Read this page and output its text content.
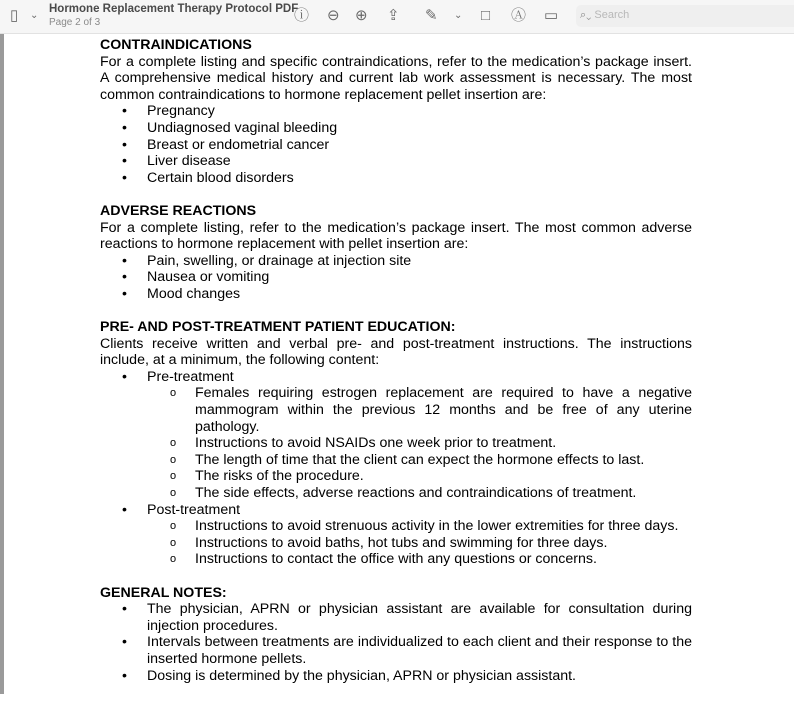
▯ ⌄
Hormone Replacement Therapy Protocol PDF
Page 2 of 3	ⓘ ⊖ ⊕ ⇪ ✎ ⌄ □ Ⓐ ▭	⌕⌄ Search
CONTRAINDICATIONS

For a complete listing and specific contraindications, refer to the medication’s package insert. A comprehensive medical history and current lab work assessment is necessary. The most common contraindications to hormone replacement pellet insertion are:

• Pregnancy
• Undiagnosed vaginal bleeding
• Breast or endometrial cancer
• Liver disease
• Certain blood disorders
ADVERSE REACTIONS

For a complete listing, refer to the medication’s package insert. The most common adverse reactions to hormone replacement with pellet insertion are:

• Pain, swelling, or drainage at injection site
• Nausea or vomiting
• Mood changes
PRE- AND POST-TREATMENT PATIENT EDUCATION:

Clients receive written and verbal pre- and post-treatment instructions. The instructions include, at a minimum, the following content:

• Pre-treatment
o Females requiring estrogen replacement are required to have a negative mammogram within the previous 12 months and be free of any uterine pathology.
o Instructions to avoid NSAIDs one week prior to treatment.
o The length of time that the client can expect the hormone effects to last.
o The risks of the procedure.
o The side effects, adverse reactions and contraindications of treatment.
• Post-treatment
o Instructions to avoid strenuous activity in the lower extremities for three days.
o Instructions to avoid baths, hot tubs and swimming for three days.
o Instructions to contact the office with any questions or concerns.
GENERAL NOTES:
• The physician, APRN or physician assistant are available for consultation during injection procedures.
• Intervals between treatments are individualized to each client and their response to the inserted hormone pellets.
• Dosing is determined by the physician, APRN or physician assistant.
